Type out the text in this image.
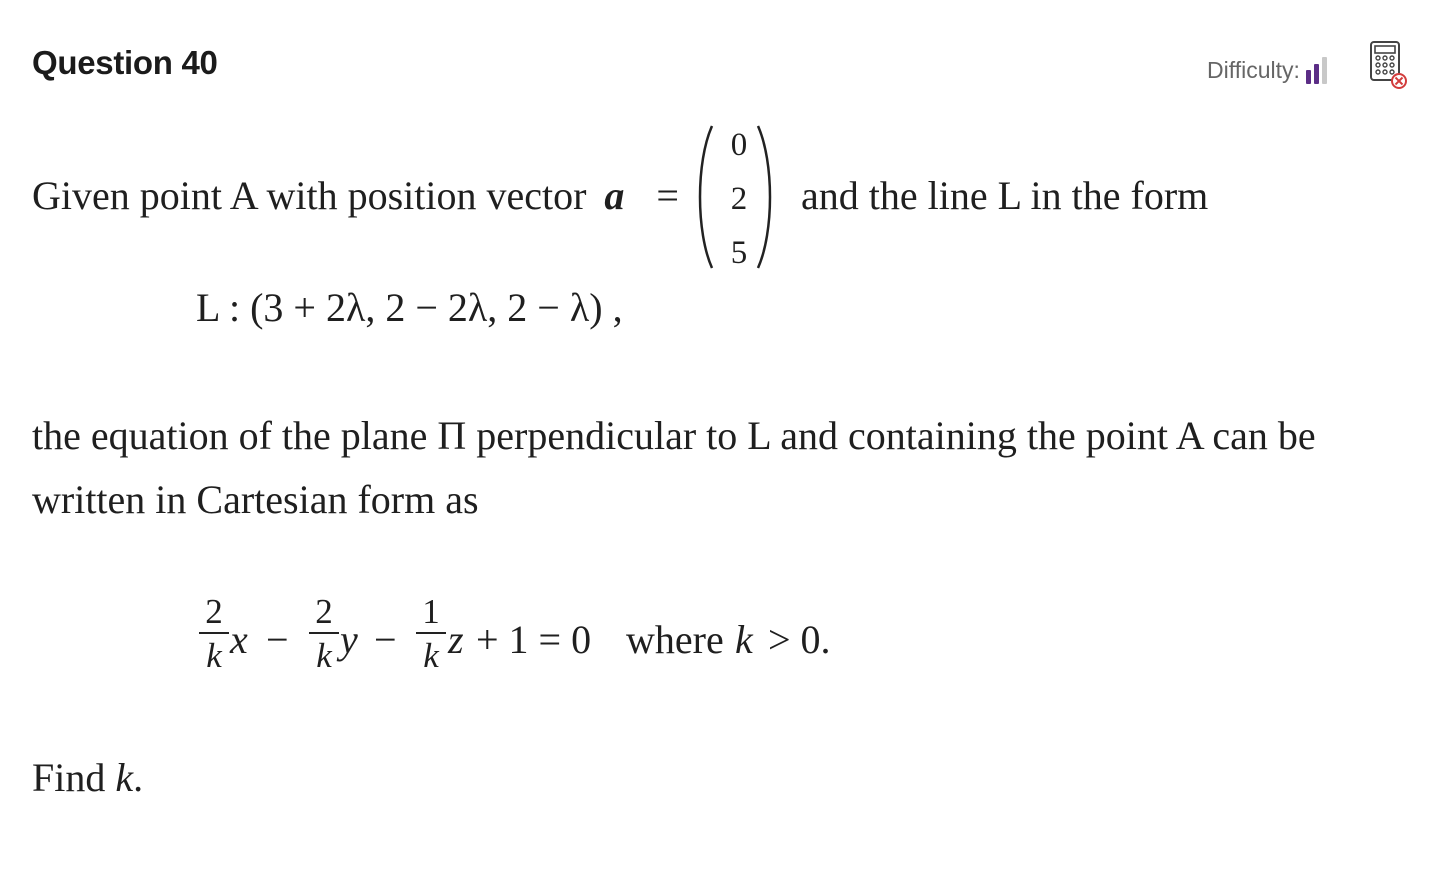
Question 40	Difficulty:
Given point A with position vector a =
0
2
5
and the line L in the form
L : (3 + 2λ, 2 − 2λ, 2 − λ) ,
the equation of the plane Π perpendicular to L and containing the point A can be
written in Cartesian form as
2
k x −
2
k y −
1
k z + 1 = 0 where k > 0.
Find k.
